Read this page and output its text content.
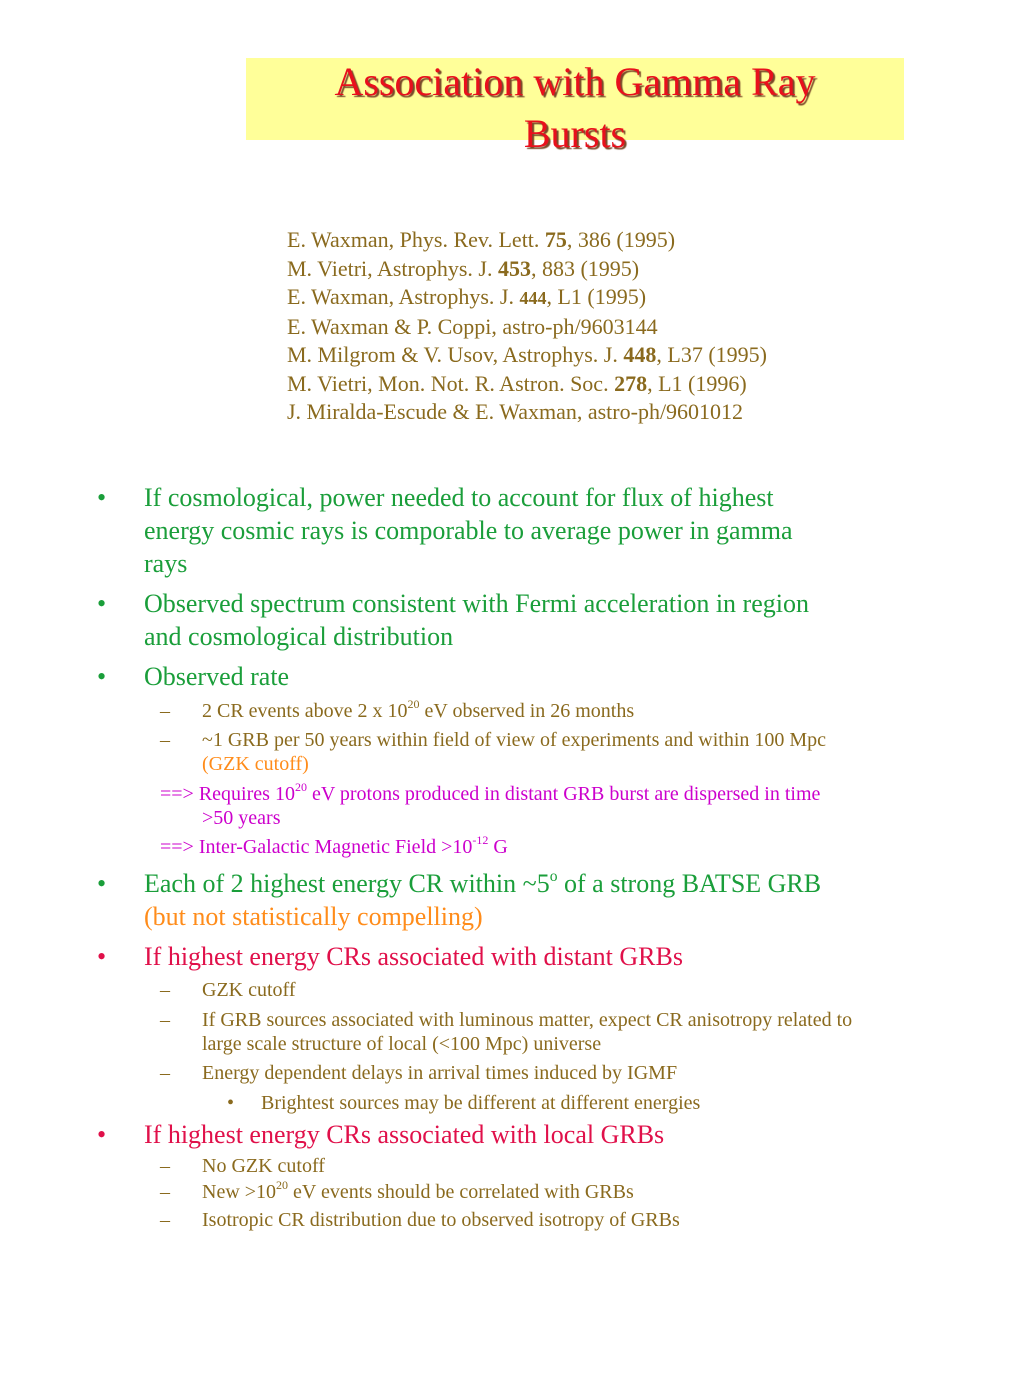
Association with Gamma Ray
Bursts
E. Waxman, Phys. Rev. Lett. 75, 386 (1995)
M. Vietri, Astrophys. J. 453, 883 (1995)
E. Waxman, Astrophys. J. 444, L1 (1995)
E. Waxman & P. Coppi, astro-ph/9603144
M. Milgrom & V. Usov, Astrophys. J. 448, L37 (1995)
M. Vietri, Mon. Not. R. Astron. Soc. 278, L1 (1996)
J. Miralda-Escude & E. Waxman, astro-ph/9601012
• If cosmological, power needed to account for flux of highest
energy cosmic rays is comporable to average power in gamma
rays
• Observed spectrum consistent with Fermi acceleration in region
and cosmological distribution
• Observed rate
– 2 CR events above 2 x $10^{20}$ eV observed in 26 months
– ~1 GRB per 50 years within field of view of experiments and within 100 Mpc
(GZK cutoff)
==> Requires $10^{20}$ eV protons produced in distant GRB burst are dispersed in time
>50 years
==> Inter-Galactic Magnetic Field $>10^{-12}$ G
• Each of 2 highest energy CR within ~5$^o$ of a strong BATSE GRB
(but not statistically compelling)
• If highest energy CRs associated with distant GRBs
– GZK cutoff
– If GRB sources associated with luminous matter, expect CR anisotropy related to
large scale structure of local (<100 Mpc) universe
– Energy dependent delays in arrival times induced by IGMF
• Brightest sources may be different at different energies
• If highest energy CRs associated with local GRBs
– No GZK cutoff
– New $>10^{20}$ eV events should be correlated with GRBs
– Isotropic CR distribution due to observed isotropy of GRBs
